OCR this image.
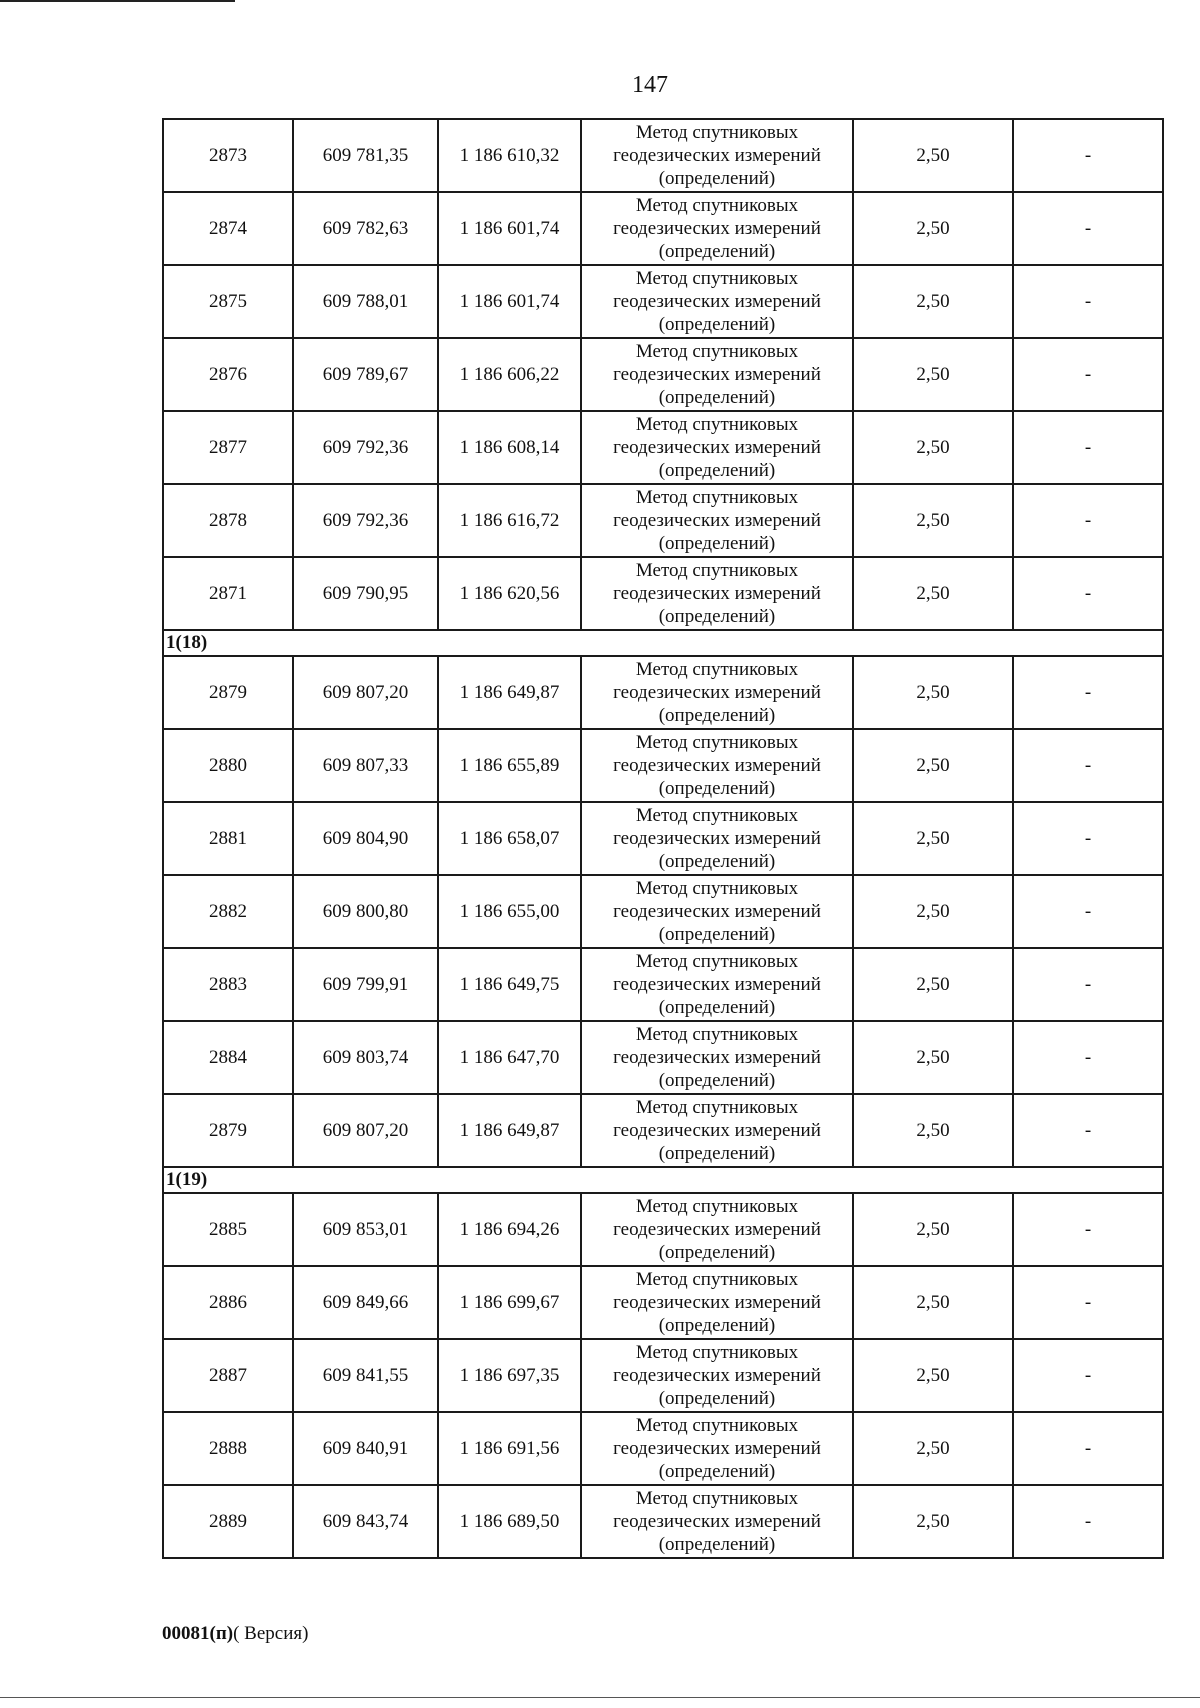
147
2873	609 781,35	1 186 610,32	Метод спутниковых
геодезических измерений
(определений)	2,50	-
2874	609 782,63	1 186 601,74	Метод спутниковых
геодезических измерений
(определений)	2,50	-
2875	609 788,01	1 186 601,74	Метод спутниковых
геодезических измерений
(определений)	2,50	-
2876	609 789,67	1 186 606,22	Метод спутниковых
геодезических измерений
(определений)	2,50	-
2877	609 792,36	1 186 608,14	Метод спутниковых
геодезических измерений
(определений)	2,50	-
2878	609 792,36	1 186 616,72	Метод спутниковых
геодезических измерений
(определений)	2,50	-
2871	609 790,95	1 186 620,56	Метод спутниковых
геодезических измерений
(определений)	2,50	-
1(18)					
2879	609 807,20	1 186 649,87	Метод спутниковых
геодезических измерений
(определений)	2,50	-
2880	609 807,33	1 186 655,89	Метод спутниковых
геодезических измерений
(определений)	2,50	-
2881	609 804,90	1 186 658,07	Метод спутниковых
геодезических измерений
(определений)	2,50	-
2882	609 800,80	1 186 655,00	Метод спутниковых
геодезических измерений
(определений)	2,50	-
2883	609 799,91	1 186 649,75	Метод спутниковых
геодезических измерений
(определений)	2,50	-
2884	609 803,74	1 186 647,70	Метод спутниковых
геодезических измерений
(определений)	2,50	-
2879	609 807,20	1 186 649,87	Метод спутниковых
геодезических измерений
(определений)	2,50	-
1(19)					
2885	609 853,01	1 186 694,26	Метод спутниковых
геодезических измерений
(определений)	2,50	-
2886	609 849,66	1 186 699,67	Метод спутниковых
геодезических измерений
(определений)	2,50	-
2887	609 841,55	1 186 697,35	Метод спутниковых
геодезических измерений
(определений)	2,50	-
2888	609 840,91	1 186 691,56	Метод спутниковых
геодезических измерений
(определений)	2,50	-
2889	609 843,74	1 186 689,50	Метод спутниковых
геодезических измерений
(определений)	2,50	-
00081(п)( Версия)
